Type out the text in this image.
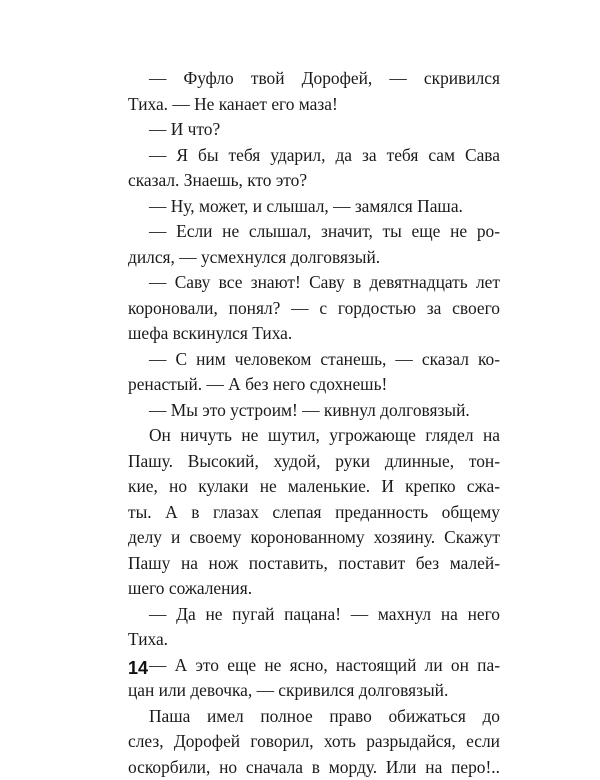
— Фуфло твой Дорофей, — скривился
Тиха. — Не канает его маза!

— И что?

— Я бы тебя ударил, да за тебя сам Сава
сказал. Знаешь, кто это?

— Ну, может, и слышал, — замялся Паша.

— Если не слышал, значит, ты еще не ро-
дился, — усмехнулся долговязый.

— Саву все знают! Саву в девятнадцать лет
короновали, понял? — с гордостью за своего
шефа вскинулся Тиха.

— С ним человеком станешь, — сказал ко-
ренастый. — А без него сдохнешь!

— Мы это устроим! — кивнул долговязый.

Он ничуть не шутил, угрожающе глядел на
Пашу. Высокий, худой, руки длинные, тон-
кие, но кулаки не маленькие. И крепко сжа-
ты. А в глазах слепая преданность общему
делу и своему коронованному хозяину. Скажут
Пашу на нож поставить, поставит без малей-
шего сожаления.

— Да не пугай пацана! — махнул на него
Тиха.

— А это еще не ясно, настоящий ли он па-
цан или девочка, — скривился долговязый.

Паша имел полное право обижаться до
слез, Дорофей говорил, хоть разрыдайся, если
оскорбили, но сначала в морду. Или на перо!..

14
